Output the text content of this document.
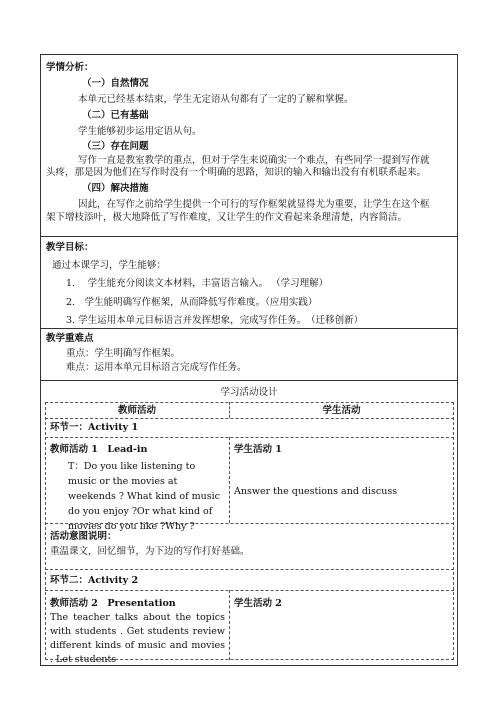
学情分析：
（一）自然情况
本单元已经基本结束，学生无定语从句都有了一定的了解和掌握。
（二）已有基础
学生能够初步运用定语从句。
（三）存在问题
写作一直是教室教学的重点，但对于学生来说确实一个难点，有些同学一提到写作就
头疼，那是因为他们在写作时没有一个明确的思路，知识的输入和输出没有有机联系起来。
（四）解决措施
因此，在写作之前给学生提供一个可行的写作框架就显得尤为重要，让学生在这个框
架下增枝添叶，极大地降低了写作难度，又让学生的作文看起来条理清楚，内容简洁。
教学目标：
通过本课学习，学生能够：
1.　 学生能充分阅读文本材料，丰富语言输入。 （学习理解）
2.　学生能明确写作框架，从而降低写作难度。（应用实践）
3. 学生运用本单元目标语言并发挥想象，完成写作任务。　（迁移创新）
教学重难点
重点：学生明确写作框架。
难点：运用本单元目标语言完成写作任务。
学习活动设计
教师活动	学生活动
环节一：Activity 1
教师活动 1　Lead-in
T：Do you like listening to music or the movies at weekends ? What kind of music do you enjoy ?Or what kind of movies do you like ?Why ?
学生活动 1
Answer the questions and discuss
活动意图说明：
重温课文，回忆细节，为下边的写作打好基础。
环节二：Activity 2
教师活动 2　Presentation
The teacher talks about the topics with students . Get students review different kinds of music and movies . Let students
学生活动 2
